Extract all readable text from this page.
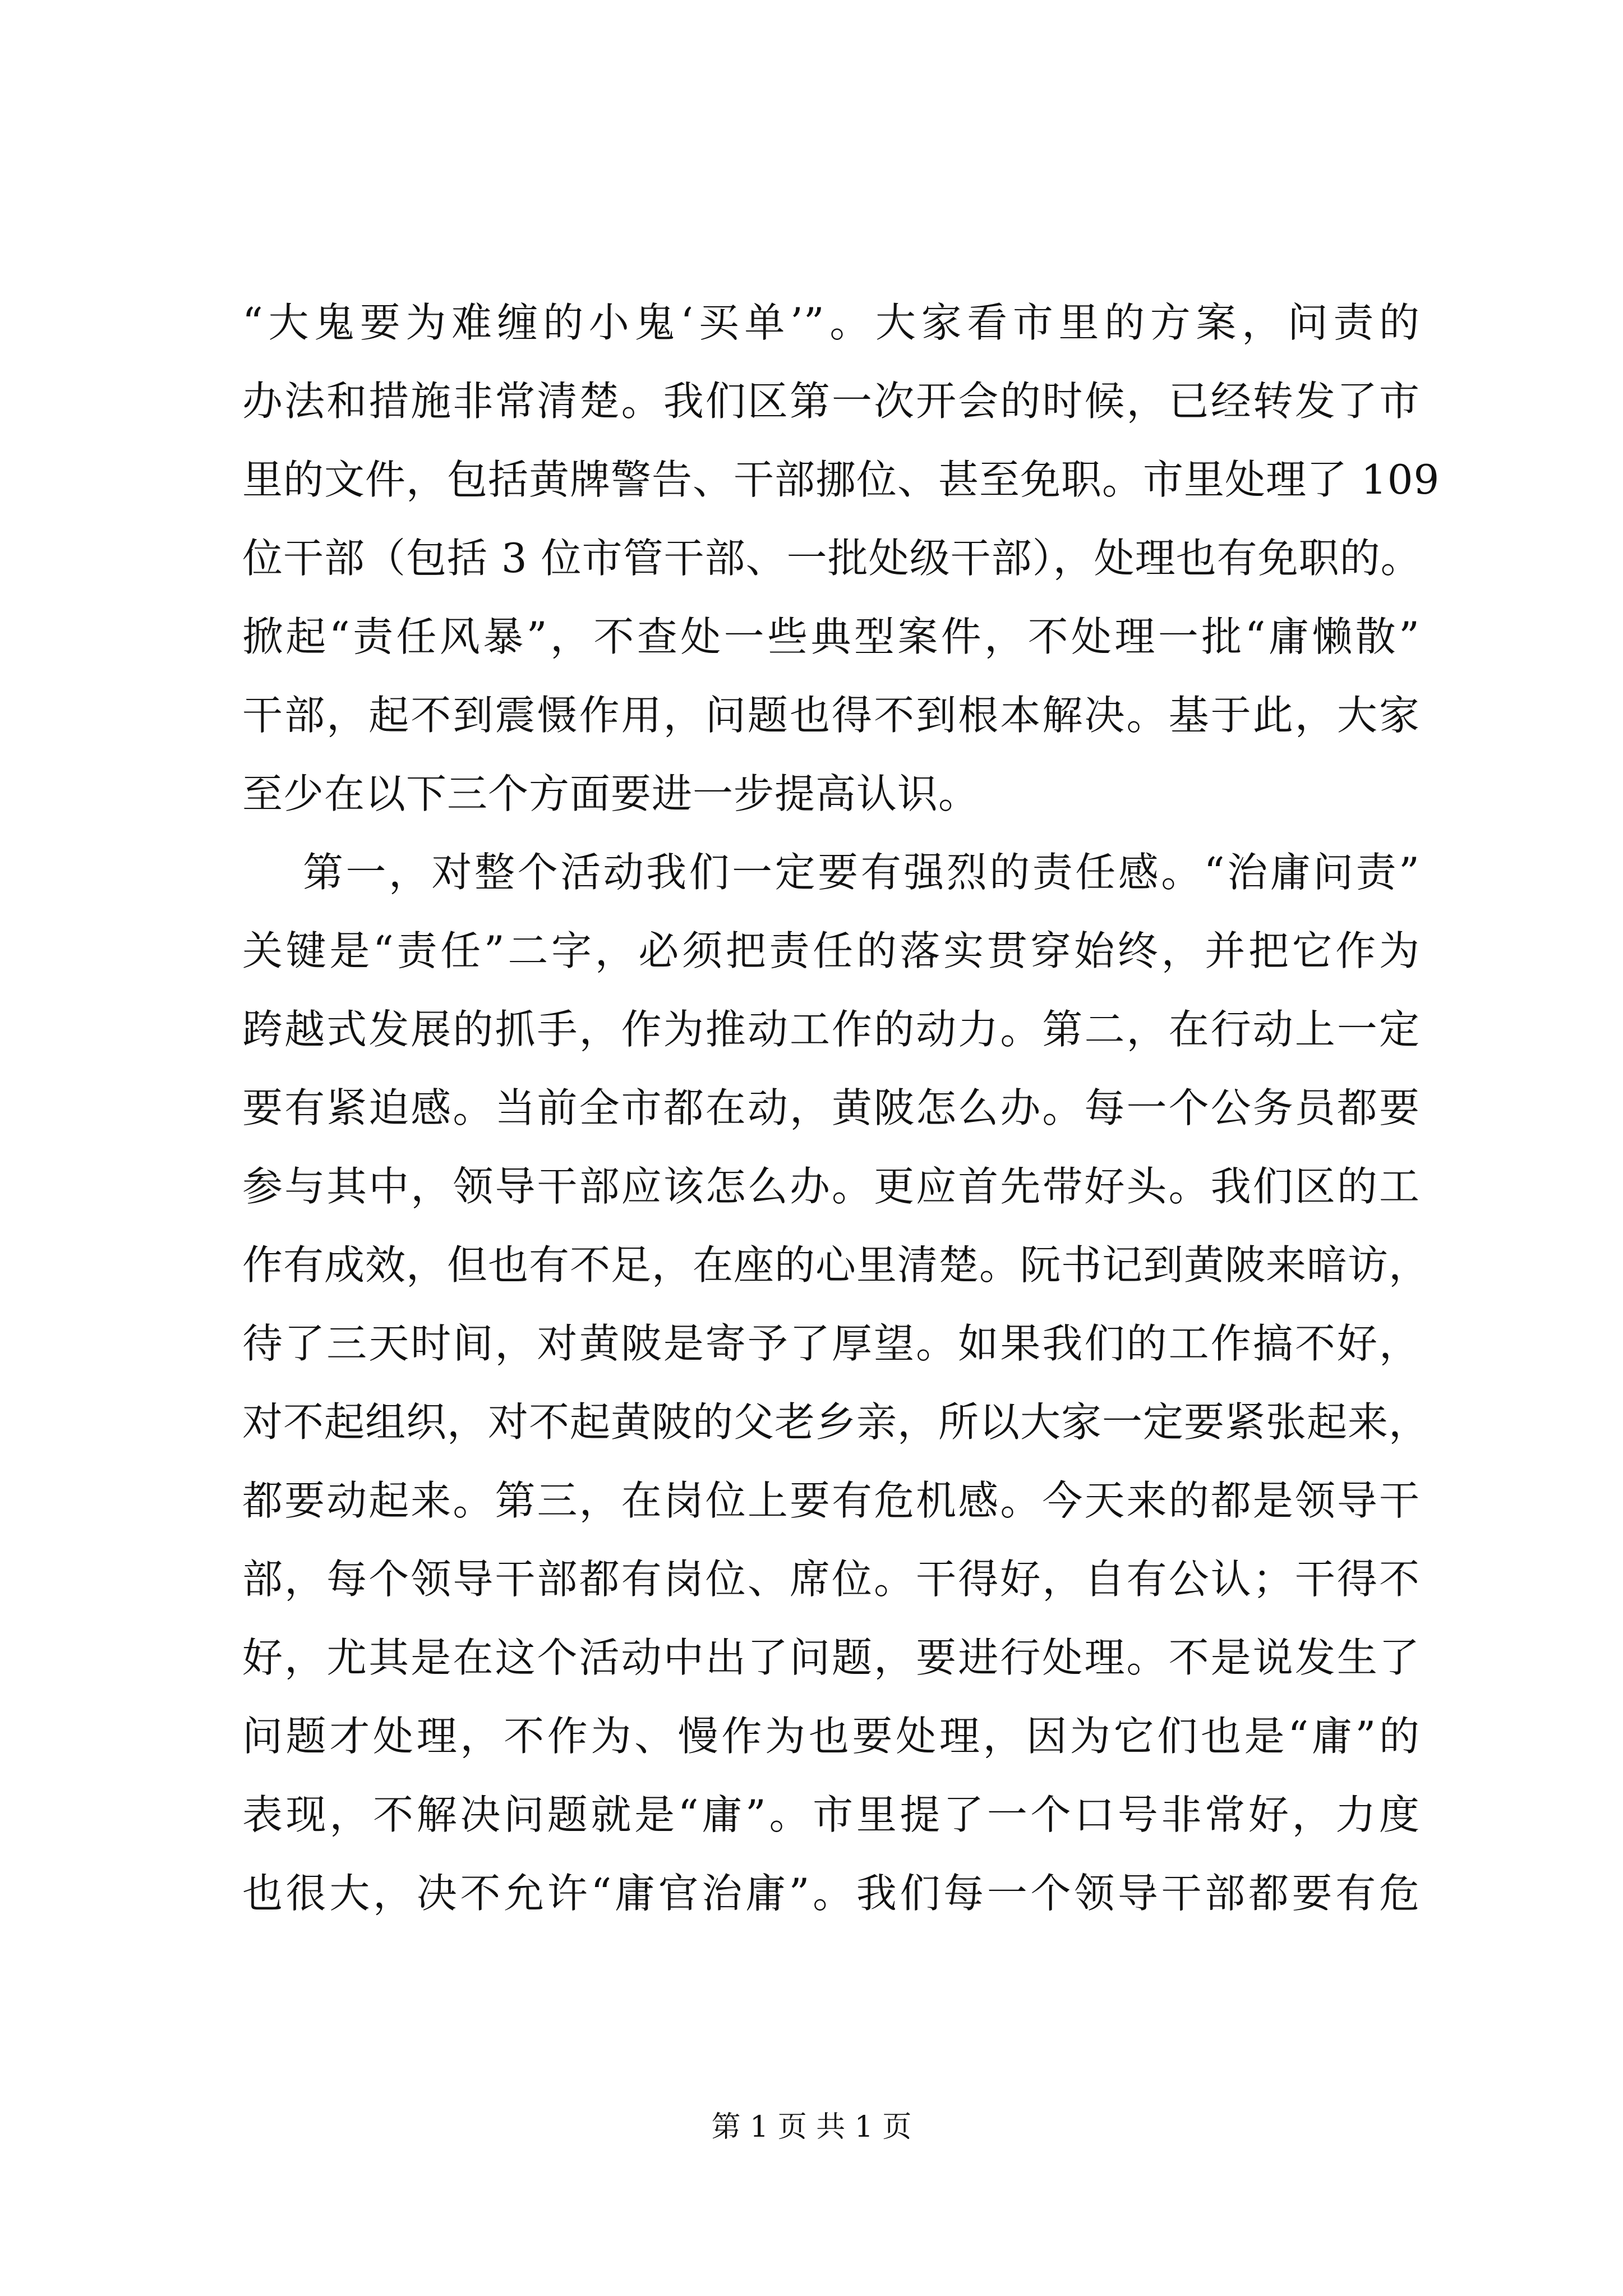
“大鬼要为难缠的小鬼‘买单’”。大家看市里的方案，问责的
办法和措施非常清楚。我们区第一次开会的时候，已经转发了市
里的文件，包括黄牌警告、干部挪位、甚至免职。市里处理了 109
位干部（包括 3 位市管干部、一批处级干部），处理也有免职的。
掀起“责任风暴”，不查处一些典型案件，不处理一批“庸懒散”
干部，起不到震慑作用，问题也得不到根本解决。基于此，大家
至少在以下三个方面要进一步提高认识。
第一，对整个活动我们一定要有强烈的责任感。“治庸问责”
关键是“责任”二字，必须把责任的落实贯穿始终，并把它作为
跨越式发展的抓手，作为推动工作的动力。第二，在行动上一定
要有紧迫感。当前全市都在动，黄陂怎么办。每一个公务员都要
参与其中，领导干部应该怎么办。更应首先带好头。我们区的工
作有成效，但也有不足，在座的心里清楚。阮书记到黄陂来暗访，
待了三天时间，对黄陂是寄予了厚望。如果我们的工作搞不好，
对不起组织，对不起黄陂的父老乡亲，所以大家一定要紧张起来，
都要动起来。第三，在岗位上要有危机感。今天来的都是领导干
部，每个领导干部都有岗位、席位。干得好，自有公认；干得不
好，尤其是在这个活动中出了问题，要进行处理。不是说发生了
问题才处理，不作为、慢作为也要处理，因为它们也是“庸”的
表现，不解决问题就是“庸”。市里提了一个口号非常好，力度
也很大，决不允许“庸官治庸”。我们每一个领导干部都要有危
第 1 页 共 1 页
